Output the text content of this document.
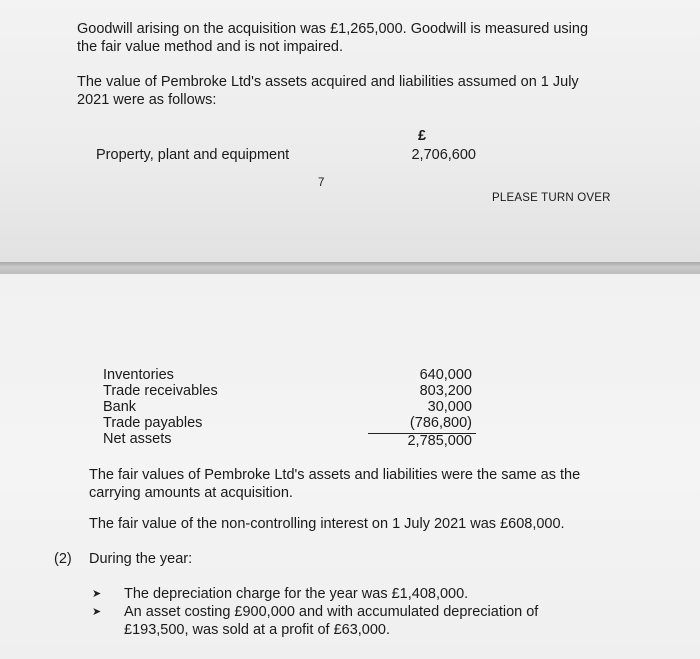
Goodwill arising on the acquisition was £1,265,000. Goodwill is measured using
the fair value method and is not impaired.
The value of Pembroke Ltd's assets acquired and liabilities assumed on 1 July
2021 were as follows:
£
Property, plant and equipment	2,706,600
7
PLEASE TURN OVER
Inventories
Trade receivables
Bank
Trade payables
Net assets
640,000
803,200
30,000
(786,800)
2,785,000
The fair values of Pembroke Ltd's assets and liabilities were the same as the
carrying amounts at acquisition.
The fair value of the non-controlling interest on 1 July 2021 was £608,000.
(2) During the year:
➤ The depreciation charge for the year was £1,408,000.
➤ An asset costing £900,000 and with accumulated depreciation of
£193,500, was sold at a profit of £63,000.
